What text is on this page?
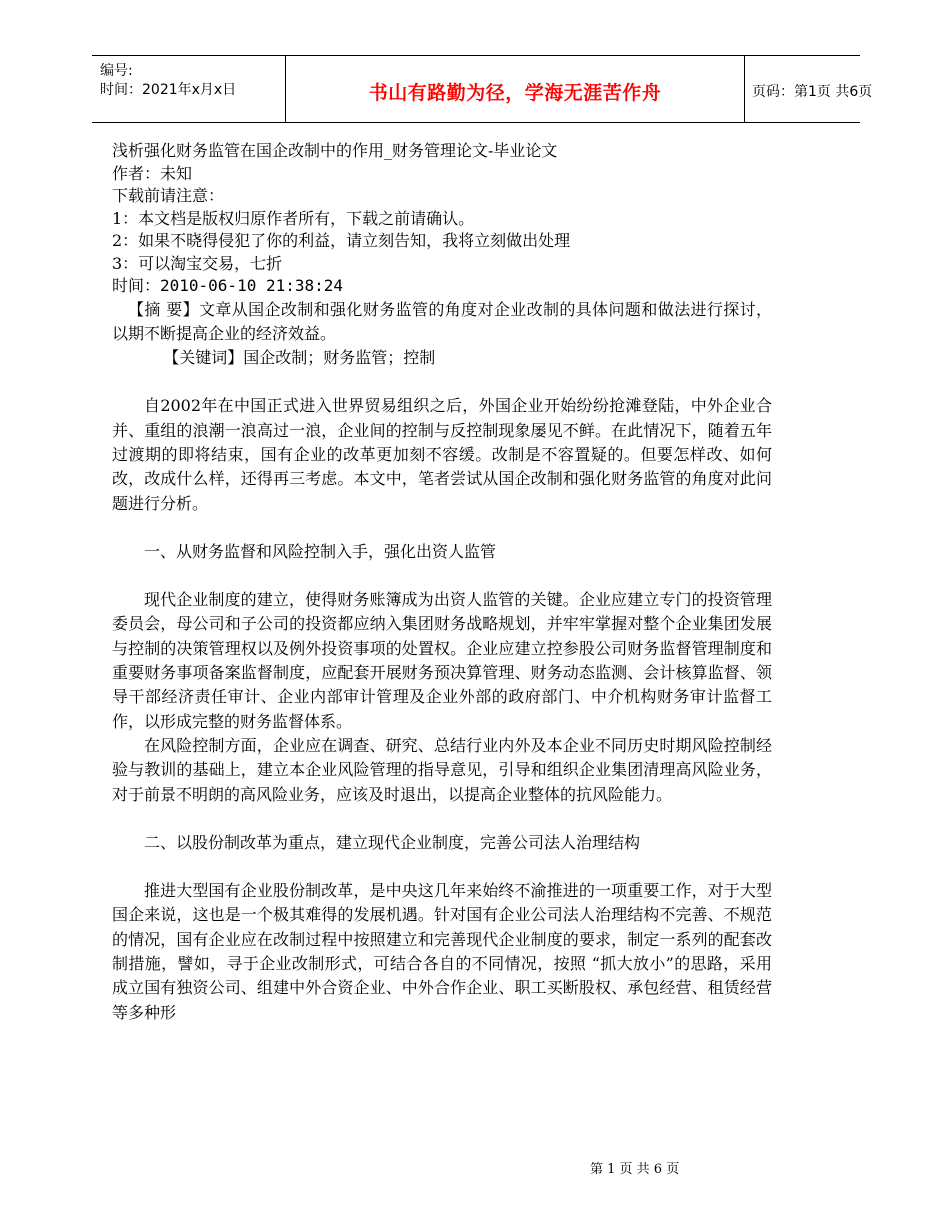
编号:
时间：2021年x月x日	书山有路勤为径，学海无涯苦作舟	页码：第1页 共6页
浅析强化财务监管在国企改制中的作用_财务管理论文-毕业论文
作者：未知
下载前请注意：
1：本文档是版权归原作者所有，下载之前请确认。
2：如果不晓得侵犯了你的利益，请立刻告知，我将立刻做出处理
3：可以淘宝交易，七折
时间：2010-06-10 21:38:24

【摘 要】文章从国企改制和强化财务监管的角度对企业改制的具体问题和做法进行探讨，以期不断提高企业的经济效益。

【关键词】国企改制；财务监管；控制

自2002年在中国正式进入世界贸易组织之后，外国企业开始纷纷抢滩登陆，中外企业合并、重组的浪潮一浪高过一浪，企业间的控制与反控制现象屡见不鲜。在此情况下，随着五年过渡期的即将结束，国有企业的改革更加刻不容缓。改制是不容置疑的。但要怎样改、如何改，改成什么样，还得再三考虑。本文中，笔者尝试从国企改制和强化财务监管的角度对此问题进行分析。

一、从财务监督和风险控制入手，强化出资人监管

现代企业制度的建立，使得财务账簿成为出资人监管的关键。企业应建立专门的投资管理委员会，母公司和子公司的投资都应纳入集团财务战略规划，并牢牢掌握对整个企业集团发展与控制的决策管理权以及例外投资事项的处置权。企业应建立控参股公司财务监督管理制度和重要财务事项备案监督制度，应配套开展财务预决算管理、财务动态监测、会计核算监督、领导干部经济责任审计、企业内部审计管理及企业外部的政府部门、中介机构财务审计监督工作，以形成完整的财务监督体系。

在风险控制方面，企业应在调查、研究、总结行业内外及本企业不同历史时期风险控制经验与教训的基础上，建立本企业风险管理的指导意见，引导和组织企业集团清理高风险业务，对于前景不明朗的高风险业务，应该及时退出，以提高企业整体的抗风险能力。

二、以股份制改革为重点，建立现代企业制度，完善公司法人治理结构

推进大型国有企业股份制改革，是中央这几年来始终不渝推进的一项重要工作，对于大型国企来说，这也是一个极其难得的发展机遇。针对国有企业公司法人治理结构不完善、不规范的情况，国有企业应在改制过程中按照建立和完善现代企业制度的要求，制定一系列的配套改制措施，譬如，寻于企业改制形式，可结合各自的不同情况，按照 “抓大放小”的思路，采用成立国有独资公司、组建中外合资企业、中外合作企业、职工买断股权、承包经营、租赁经营等多种形

第 1 页 共 6 页
